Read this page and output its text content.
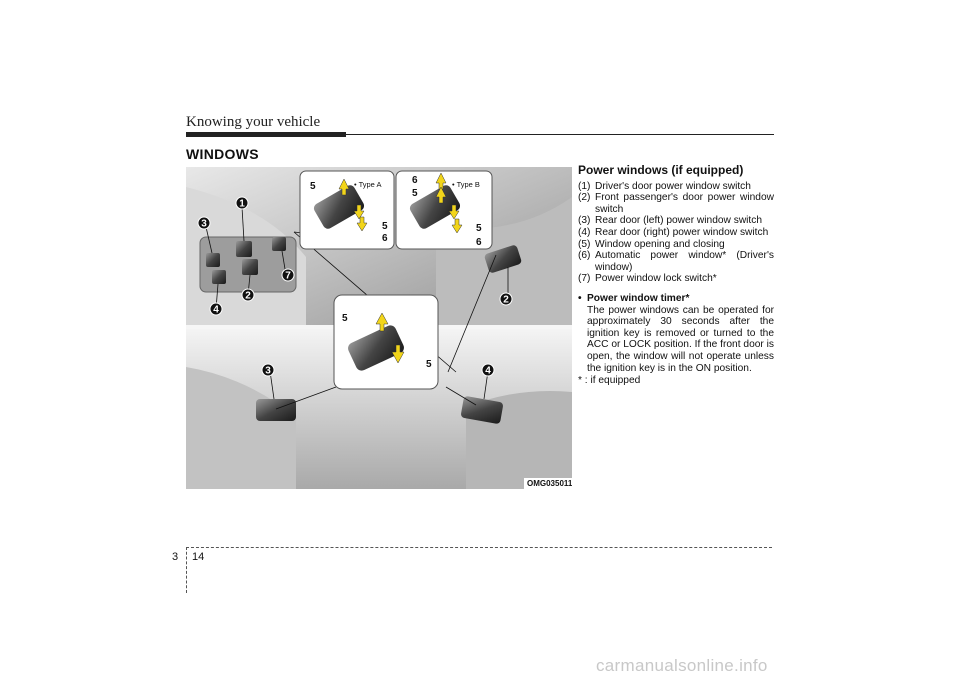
Knowing your vehicle
WINDOWS
5
5
6
• Type A	6
5
5
6
• Type B
5
5
1
3
7
2
4
2
3	4
OMG035011
Power windows (if equipped)

(1) Driver's door power window switch

(2) Front passenger's door power window switch

(3) Rear door (left) power window switch

(4) Rear door (right) power window switch

(5) Window opening and closing

(6) Automatic power window* (Driver's window)

(7) Power window lock switch*

• Power window timer*

The power windows can be operated for approximately 30 seconds after the ignition key is removed or turned to the ACC or LOCK position. If the front door is open, the window will not operate unless the ignition key is in the ON position.

* : if equipped

3 14
carmanualsonline.info
